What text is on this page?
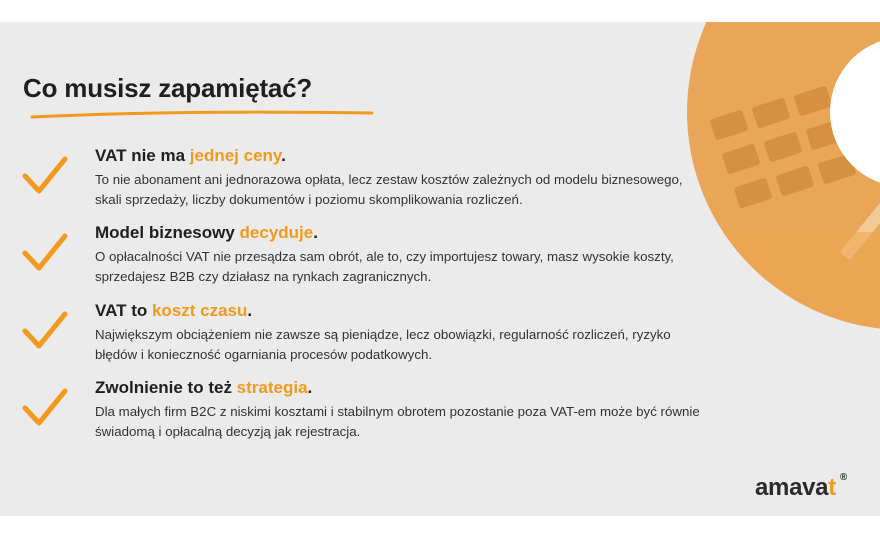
Co musisz zapamiętać?
VAT nie ma jednej ceny.

To nie abonament ani jednorazowa opłata, lecz zestaw kosztów zależnych od modelu biznesowego, skali sprzedaży, liczby dokumentów i poziomu skomplikowania rozliczeń.

Model biznesowy decyduje.

O opłacalności VAT nie przesądza sam obrót, ale to, czy importujesz towary, masz wysokie koszty, sprzedajesz B2B czy działasz na rynkach zagranicznych.

VAT to koszt czasu.

Największym obciążeniem nie zawsze są pieniądze, lecz obowiązki, regularność rozliczeń, ryzyko błędów i konieczność ogarniania procesów podatkowych.

Zwolnienie to też strategia.

Dla małych firm B2C z niskimi kosztami i stabilnym obrotem pozostanie poza VAT-em może być równie świadomą i opłacalną decyzją jak rejestracja.

amavat ®
